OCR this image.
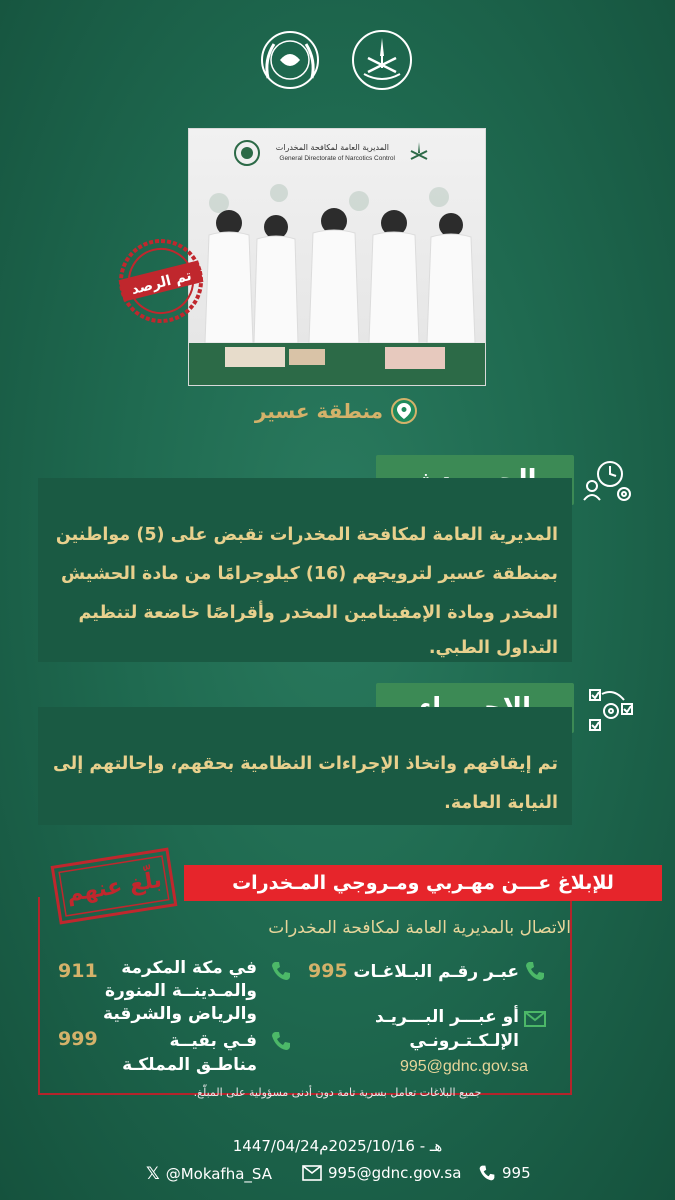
المديرية العامة لمكافحة المخدرات
General Directorate of Narcotics Control
تم الرصد
منطقة عسير
المديرية العامة لمكافحة المخدرات تقبض على (5) مواطنين
بمنطقة عسير لترويجهم (16) كيلوجرامًا من مادة الحشيش
المخدر ومادة الإمفيتامين المخدر وأقراصًا خاضعة لتنظيم
التداول الطبي.
تم إيقافهم واتخاذ الإجراءات النظامية بحقهم، وإحالتهم إلى
النيابة العامة.
للإبلاغ عـــن مهـربي ومـروجي المـخدرات
بلّغ عنهم
الاتصال بالمديرية العامة لمكافحة المخدرات
عبـر رقـم البـلاغـات
995
أو عبـــر البـــريـد
الإلـكـتـرونـي
995@gdnc.gov.sa
في مكة المكرمة
والمـدينــة المنورة
والرياض والشرقية
911
فـي بقيــة
مناطـق المملكـة
999
جميع البلاغات تعامل بسرية تامة دون أدنى مسؤولية على المبلّغ.
1447/04/24هـ - 2025/10/16م
𝕏 @Mokafha_SA	995@gdnc.gov.sa	995
